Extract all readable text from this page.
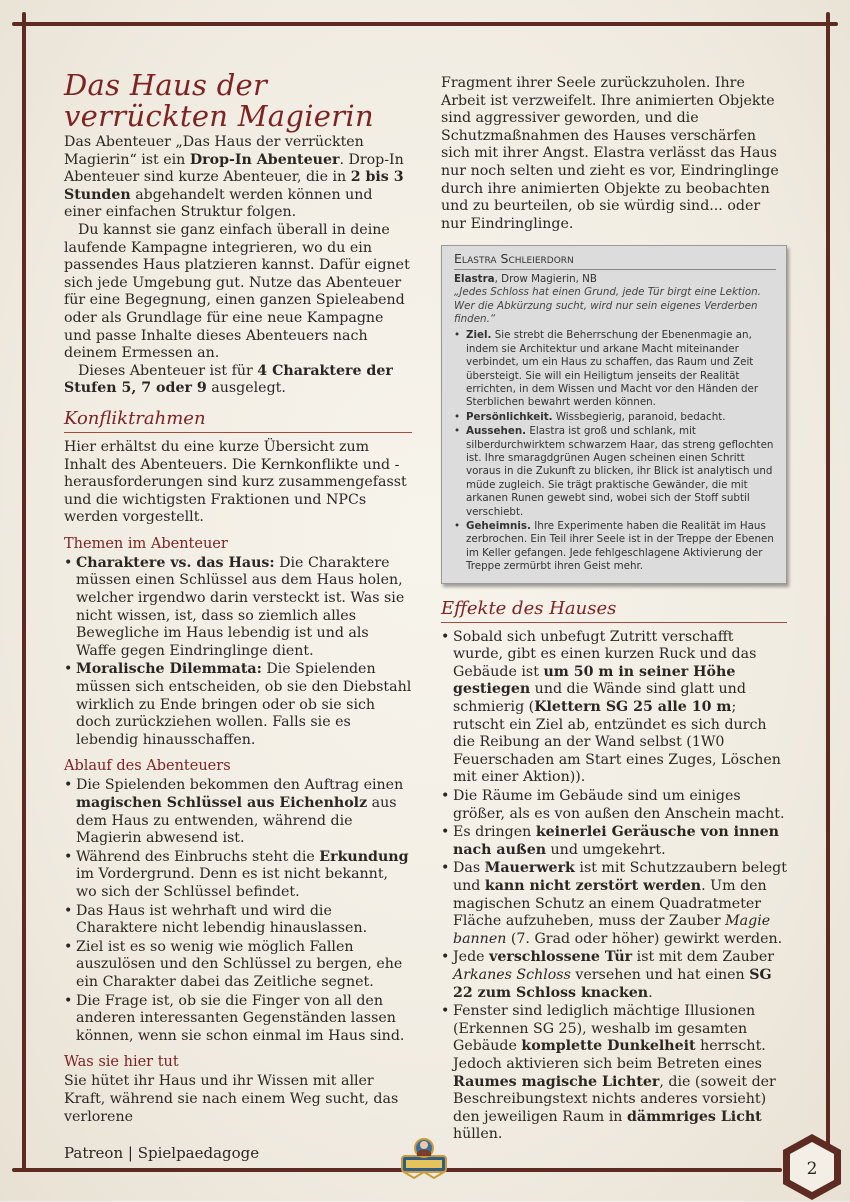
Das Haus der verrückten Magierin

Das Abenteuer „Das Haus der verrückten Magierin“ ist ein Drop-In Abenteuer. Drop-In Abenteuer sind kurze Abenteuer, die in 2 bis 3 Stunden abgehandelt werden können und einer einfachen Struktur folgen.

Du kannst sie ganz einfach überall in deine laufende Kampagne integrieren, wo du ein passendes Haus platzieren kannst. Dafür eignet sich jede Umgebung gut. Nutze das Abenteuer für eine Begegnung, einen ganzen Spieleabend oder als Grundlage für eine neue Kampagne und passe Inhalte dieses Abenteuers nach deinem Ermessen an.

Dieses Abenteuer ist für 4 Charaktere der Stufen 5, 7 oder 9 ausgelegt.

Konfliktrahmen

Hier erhältst du eine kurze Übersicht zum Inhalt des Abenteuers. Die Kernkonflikte und -herausforderungen sind kurz zusammengefasst und die wichtigsten Fraktionen und NPCs werden vorgestellt.

Themen im Abenteuer
• Charaktere vs. das Haus: Die Charaktere müssen einen Schlüssel aus dem Haus holen, welcher irgendwo darin versteckt ist. Was sie nicht wissen, ist, dass so ziemlich alles Bewegliche im Haus lebendig ist und als Waffe gegen Eindringlinge dient.
• Moralische Dilemmata: Die Spielenden müssen sich entscheiden, ob sie den Diebstahl wirklich zu Ende bringen oder ob sie sich doch zurückziehen wollen. Falls sie es lebendig hinausschaffen.
Ablauf des Abenteuers
• Die Spielenden bekommen den Auftrag einen magischen Schlüssel aus Eichenholz aus dem Haus zu entwenden, während die Magierin abwesend ist.
• Während des Einbruchs steht die Erkundung im Vordergrund. Denn es ist nicht bekannt, wo sich der Schlüssel befindet.
• Das Haus ist wehrhaft und wird die Charaktere nicht lebendig hinauslassen.
• Ziel ist es so wenig wie möglich Fallen auszulösen und den Schlüssel zu bergen, ehe ein Charakter dabei das Zeitliche segnet.
• Die Frage ist, ob sie die Finger von all den anderen interessanten Gegenständen lassen können, wenn sie schon einmal im Haus sind.
Was sie hier tut

Sie hütet ihr Haus und ihr Wissen mit aller Kraft, während sie nach einem Weg sucht, das verlorene

Fragment ihrer Seele zurückzuholen. Ihre Arbeit ist verzweifelt. Ihre animierten Objekte sind aggressiver geworden, und die Schutzmaßnahmen des Hauses verschärfen sich mit ihrer Angst. Elastra verlässt das Haus nur noch selten und zieht es vor, Eindringlinge durch ihre animierten Objekte zu beobachten und zu beurteilen, ob sie würdig sind... oder nur Eindringlinge.

Elastra Schleierdorn
Elastra, Drow Magierin, NB
„Jedes Schloss hat einen Grund, jede Tür birgt eine Lektion. Wer die Abkürzung sucht, wird nur sein eigenes Verderben finden.“
• Ziel. Sie strebt die Beherrschung der Ebenenmagie an, indem sie Architektur und arkane Macht miteinander verbindet, um ein Haus zu schaffen, das Raum und Zeit übersteigt. Sie will ein Heiligtum jenseits der Realität errichten, in dem Wissen und Macht vor den Händen der Sterblichen bewahrt werden können.
• Persönlichkeit. Wissbegierig, paranoid, bedacht.
• Aussehen. Elastra ist groß und schlank, mit silberdurchwirktem schwarzem Haar, das streng geflochten ist. Ihre smaragdgrünen Augen scheinen einen Schritt voraus in die Zukunft zu blicken, ihr Blick ist analytisch und müde zugleich. Sie trägt praktische Gewänder, die mit arkanen Runen gewebt sind, wobei sich der Stoff subtil verschiebt.
• Geheimnis. Ihre Experimente haben die Realität im Haus zerbrochen. Ein Teil ihrer Seele ist in der Treppe der Ebenen im Keller gefangen. Jede fehlgeschlagene Aktivierung der Treppe zermürbt ihren Geist mehr.
Effekte des Hauses
• Sobald sich unbefugt Zutritt verschafft wurde, gibt es einen kurzen Ruck und das Gebäude ist um 50 m in seiner Höhe gestiegen und die Wände sind glatt und schmierig (Klettern SG 25 alle 10 m; rutscht ein Ziel ab, entzündet es sich durch die Reibung an der Wand selbst (1W0 Feuerschaden am Start eines Zuges, Löschen mit einer Aktion)).
• Die Räume im Gebäude sind um einiges größer, als es von außen den Anschein macht.
• Es dringen keinerlei Geräusche von innen nach außen und umgekehrt.
• Das Mauerwerk ist mit Schutzzaubern belegt und kann nicht zerstört werden. Um den magischen Schutz an einem Quadratmeter Fläche aufzuheben, muss der Zauber Magie bannen (7. Grad oder höher) gewirkt werden.
• Jede verschlossene Tür ist mit dem Zauber Arkanes Schloss versehen und hat einen SG 22 zum Schloss knacken.
• Fenster sind lediglich mächtige Illusionen (Erkennen SG 25), weshalb im gesamten Gebäude komplette Dunkelheit herrscht. Jedoch aktivieren sich beim Betreten eines Raumes magische Lichter, die (soweit der Beschreibungstext nichts anderes vorsieht) den jeweiligen Raum in dämmriges Licht hüllen.
Patreon | Spielpaedagoge
2
